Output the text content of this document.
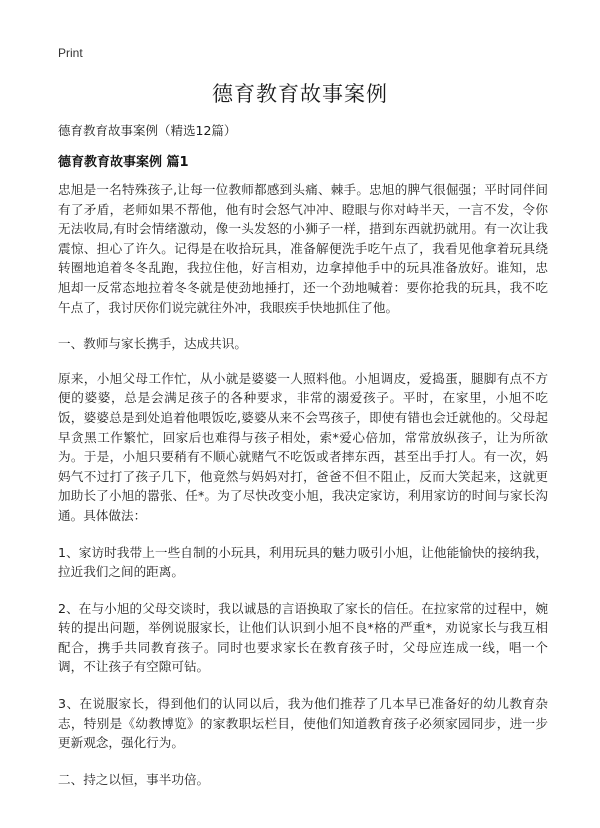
Print
德育教育故事案例
德育教育故事案例（精选12篇）
德育教育故事案例 篇1

忠旭是一名特殊孩子,让每一位教师都感到头痛、棘手。忠旭的脾气很倔强；平时同伴间有了矛盾，老师如果不帮他，他有时会怒气冲冲、瞪眼与你对峙半天，一言不发，令你无法收局,有时会情绪激动，像一头发怒的小狮子一样，措到东西就扔就用。有一次让我震惊、担心了许久。记得是在收拾玩具，准备解便洗手吃午点了，我看见他拿着玩具绕转圈地追着冬冬乱跑，我拉住他，好言相劝，边拿掉他手中的玩具准备放好。谁知，忠旭却一反常态地拉着冬冬就是使劲地捶打，还一个劲地喊着：要你抢我的玩具，我不吃午点了，我讨厌你们说完就往外冲，我眼疾手快地抓住了他。

一、教师与家长携手，达成共识。

原来，小旭父母工作忙，从小就是婆婆一人照料他。小旭调皮，爱捣蛋，腿脚有点不方便的婆婆，总是会满足孩子的各种要求，非常的溺爱孩子。平时，在家里，小旭不吃饭，婆婆总是到处追着他喂饭吃,婆婆从来不会骂孩子，即使有错也会迁就他的。父母起早贪黑工作繁忙，回家后也难得与孩子相处，索*爱心倍加，常常放纵孩子，让为所欲为。于是，小旭只要稍有不顺心就赌气不吃饭或者摔东西，甚至出手打人。有一次，妈妈气不过打了孩子几下，他竟然与妈妈对打，爸爸不但不阻止，反而大笑起来，这就更加助长了小旭的嚣张、任*。为了尽快改变小旭，我决定家访，利用家访的时间与家长沟通。具体做法：

1、家访时我带上一些自制的小玩具，利用玩具的魅力吸引小旭，让他能愉快的接纳我，拉近我们之间的距离。

2、在与小旭的父母交谈时，我以诚恳的言语换取了家长的信任。在拉家常的过程中，婉转的提出问题，举例说服家长，让他们认识到小旭不良*格的严重*，劝说家长与我互相配合，携手共同教育孩子。同时也要求家长在教育孩子时，父母应连成一线，唱一个调，不让孩子有空隙可钻。

3、在说服家长，得到他们的认同以后，我为他们推荐了几本早已准备好的幼儿教育杂志，特别是《幼教博览》的家教职坛栏目，使他们知道教育孩子必须家园同步，进一步更新观念，强化行为。

二、持之以恒，事半功倍。
